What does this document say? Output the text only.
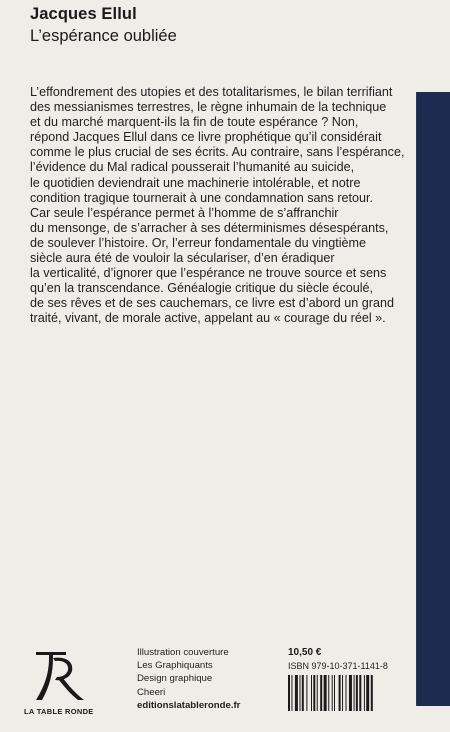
Jacques Ellul
L’espérance oubliée

L’effondrement des utopies et des totalitarismes, le bilan terrifiant

des messianismes terrestres, le règne inhumain de la technique

et du marché marquent-ils la fin de toute espérance ? Non,

répond Jacques Ellul dans ce livre prophétique qu’il considérait

comme le plus crucial de ses écrits. Au contraire, sans l’espérance,

l’évidence du Mal radical pousserait l’humanité au suicide,

le quotidien deviendrait une machinerie intolérable, et notre

condition tragique tournerait à une condamnation sans retour.

Car seule l’espérance permet à l’homme de s’affranchir

du mensonge, de s’arracher à ses déterminismes désespérants,

de soulever l’histoire. Or, l’erreur fondamentale du vingtième

siècle aura été de vouloir la séculariser, d’en éradiquer

la verticalité, d’ignorer que l’espérance ne trouve source et sens

qu’en la transcendance. Généalogie critique du siècle écoulé,

de ses rêves et de ses cauchemars, ce livre est d’abord un grand

traité, vivant, de morale active, appelant au « courage du réel ».

LA TABLE RONDE
Illustration couverture
Les Graphiquants
Design graphique
Cheeri
editionslatableronde.fr
10,50 €
ISBN 979-10-371-1141-8
